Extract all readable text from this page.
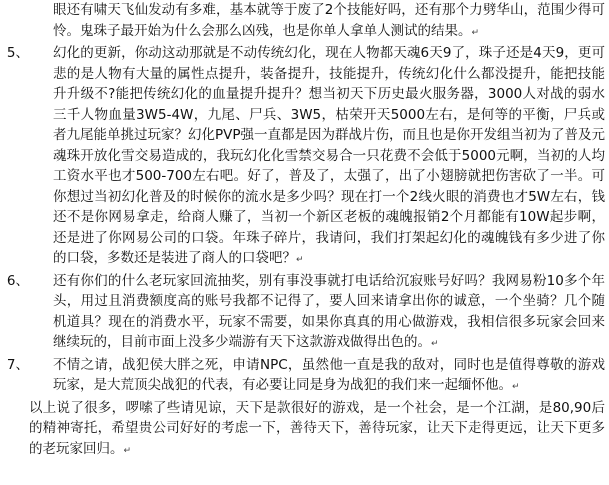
眼还有啸天飞仙发动有多难，基本就等于废了2个技能好吗，还有那个力劈华山，范围少得可怜。鬼珠子最开始为什么会那么凶残，也是你单人拿单人测试的结果。↵

5、	幻化的更新，你动这动那就是不动传统幻化，现在人物都天魂6天9了，珠子还是4天9，更可悲的是人物有大量的属性点提升，装备提升，技能提升，传统幻化什么都没提升，能把技能升升级不?能把传统幻化的血量提升提升？想当初天下历史最火服务器，3000人对战的弱水三千人物血量3W5-4W，九尾、尸兵、3W5，枯荣开天5000左右，是何等的平衡，尸兵或者九尾能单挑过玩家？幻化PVP强一直都是因为群战片伤，而且也是你开发组当初为了普及元魂珠开放化雪交易造成的，我玩幻化化雪禁交易合一只花费不会低于5000元啊，当初的人均工资水平也才500-700左右吧。好了，普及了，太强了，出了小翅膀就把伤害砍了一半。可你想过当初幻化普及的时候你的流水是多少吗？现在打一个2线火眼的消费也才5W左右，钱还不是你网易拿走，给商人赚了，当初一个新区老板的魂魄报销2个月都能有10W起步啊，还是进了你网易公司的口袋。年珠子碎片，我请问，我们打架起幻化的魂魄钱有多少进了你的口袋，多数还是装进了商人的口袋吧？↵
6、	还有你们的什么老玩家回流抽奖，别有事没事就打电话给沉寂账号好吗？我网易粉10多个年头，用过且消费额度高的账号我都不记得了，要人回来请拿出你的诚意，一个坐骑？几个随机道具？现在的消费水平，玩家不需要，如果你真真的用心做游戏，我相信很多玩家会回来继续玩的，目前市面上没多少端游有天下这款游戏做得出色的。↵
7、	不情之请，战犯侯大胖之死，申请NPC，虽然他一直是我的敌对，同时也是值得尊敬的游戏玩家，是大荒顶尖战犯的代表，有必要让同是身为战犯的我们来一起缅怀他。↵

以上说了很多，啰嗦了些请见谅，天下是款很好的游戏，是一个社会，是一个江湖，是80,90后的精神寄托，希望贵公司好好的考虑一下，善待天下，善待玩家，让天下走得更远，让天下更多的老玩家回归。↵
